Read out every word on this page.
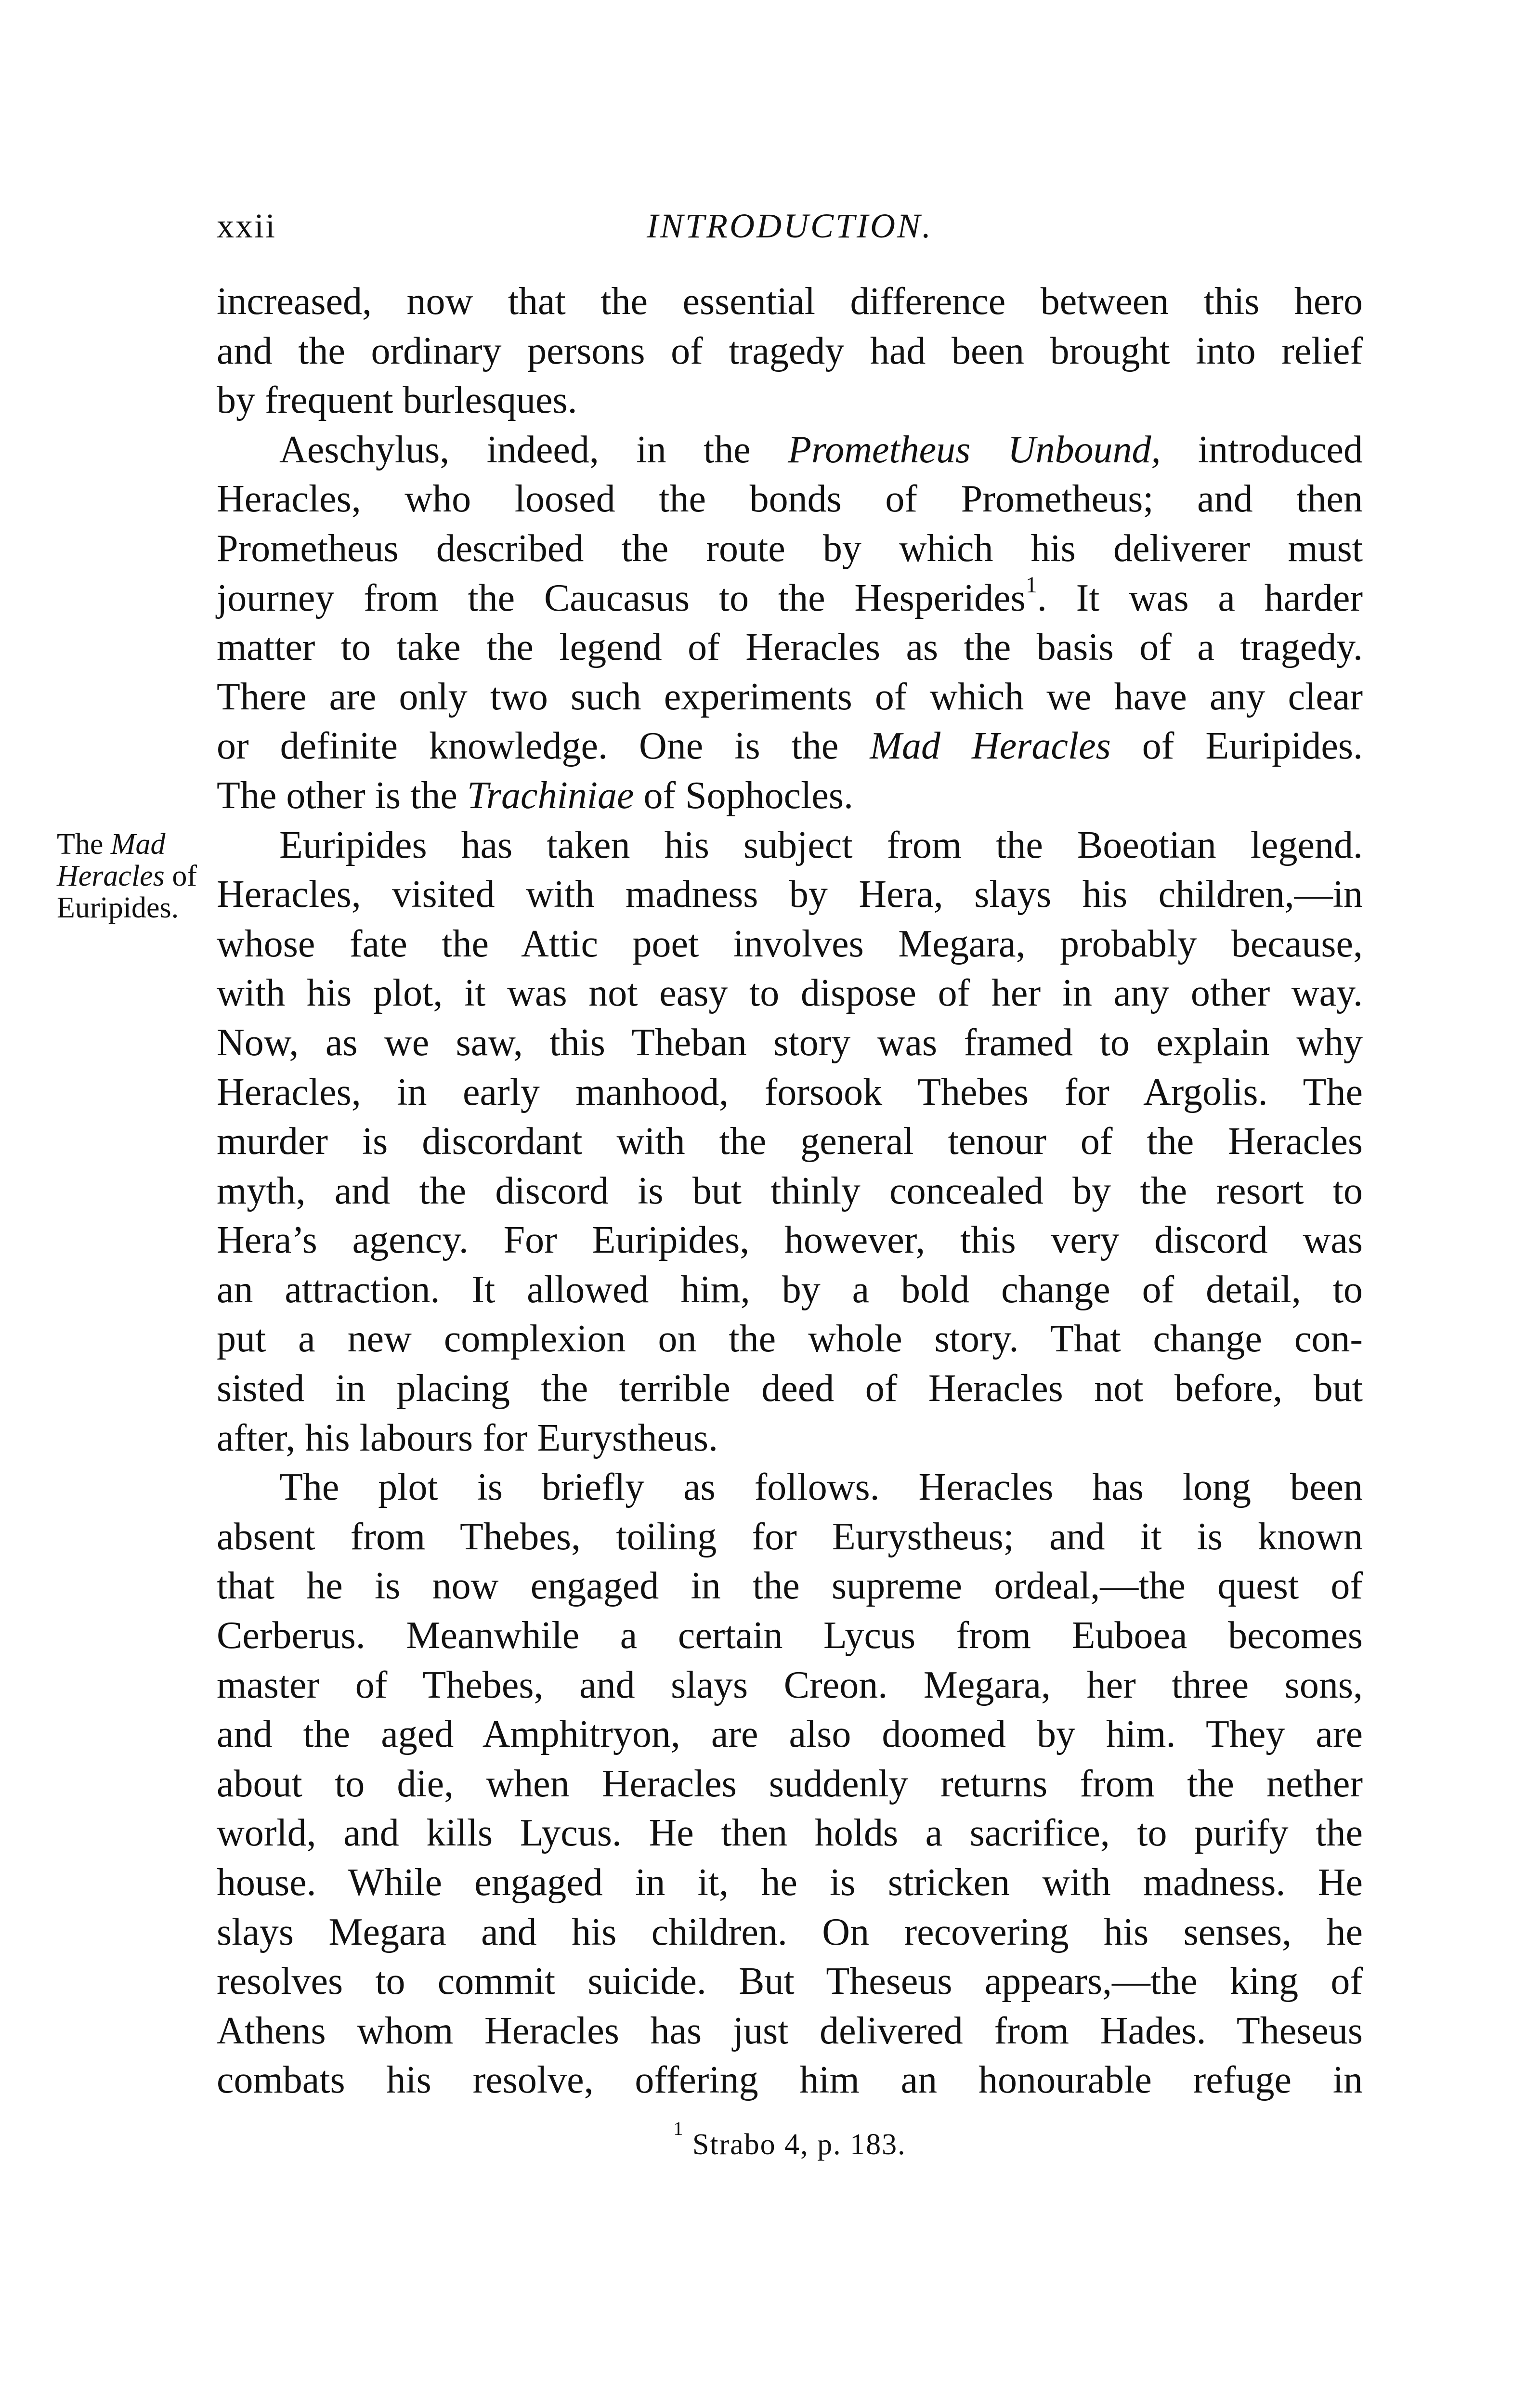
xxii	INTRODUCTION.
The Mad Heracles of Euripides.
increased, now that the essential difference between this hero
and the ordinary persons of tragedy had been brought into relief
by frequent burlesques.
Aeschylus, indeed, in the Prometheus Unbound, introduced
Heracles, who loosed the bonds of Prometheus; and then
Prometheus described the route by which his deliverer must
journey from the Caucasus to the Hesperides$^1$. It was a harder
matter to take the legend of Heracles as the basis of a tragedy.
There are only two such experiments of which we have any clear
or definite knowledge. One is the Mad Heracles of Euripides.
The other is the Trachiniae of Sophocles.
Euripides has taken his subject from the Boeotian legend.
Heracles, visited with madness by Hera, slays his children,—in
whose fate the Attic poet involves Megara, probably because,
with his plot, it was not easy to dispose of her in any other way.
Now, as we saw, this Theban story was framed to explain why
Heracles, in early manhood, forsook Thebes for Argolis. The
murder is discordant with the general tenour of the Heracles
myth, and the discord is but thinly concealed by the resort to
Hera’s agency. For Euripides, however, this very discord was
an attraction. It allowed him, by a bold change of detail, to
put a new complexion on the whole story. That change con-
sisted in placing the terrible deed of Heracles not before, but
after, his labours for Eurystheus.
The plot is briefly as follows. Heracles has long been
absent from Thebes, toiling for Eurystheus; and it is known
that he is now engaged in the supreme ordeal,—the quest of
Cerberus. Meanwhile a certain Lycus from Euboea becomes
master of Thebes, and slays Creon. Megara, her three sons,
and the aged Amphitryon, are also doomed by him. They are
about to die, when Heracles suddenly returns from the nether
world, and kills Lycus. He then holds a sacrifice, to purify the
house. While engaged in it, he is stricken with madness. He
slays Megara and his children. On recovering his senses, he
resolves to commit suicide. But Theseus appears,—the king of
Athens whom Heracles has just delivered from Hades. Theseus
combats his resolve, offering him an honourable refuge in
$^1$ Strabo 4, p. 183.
